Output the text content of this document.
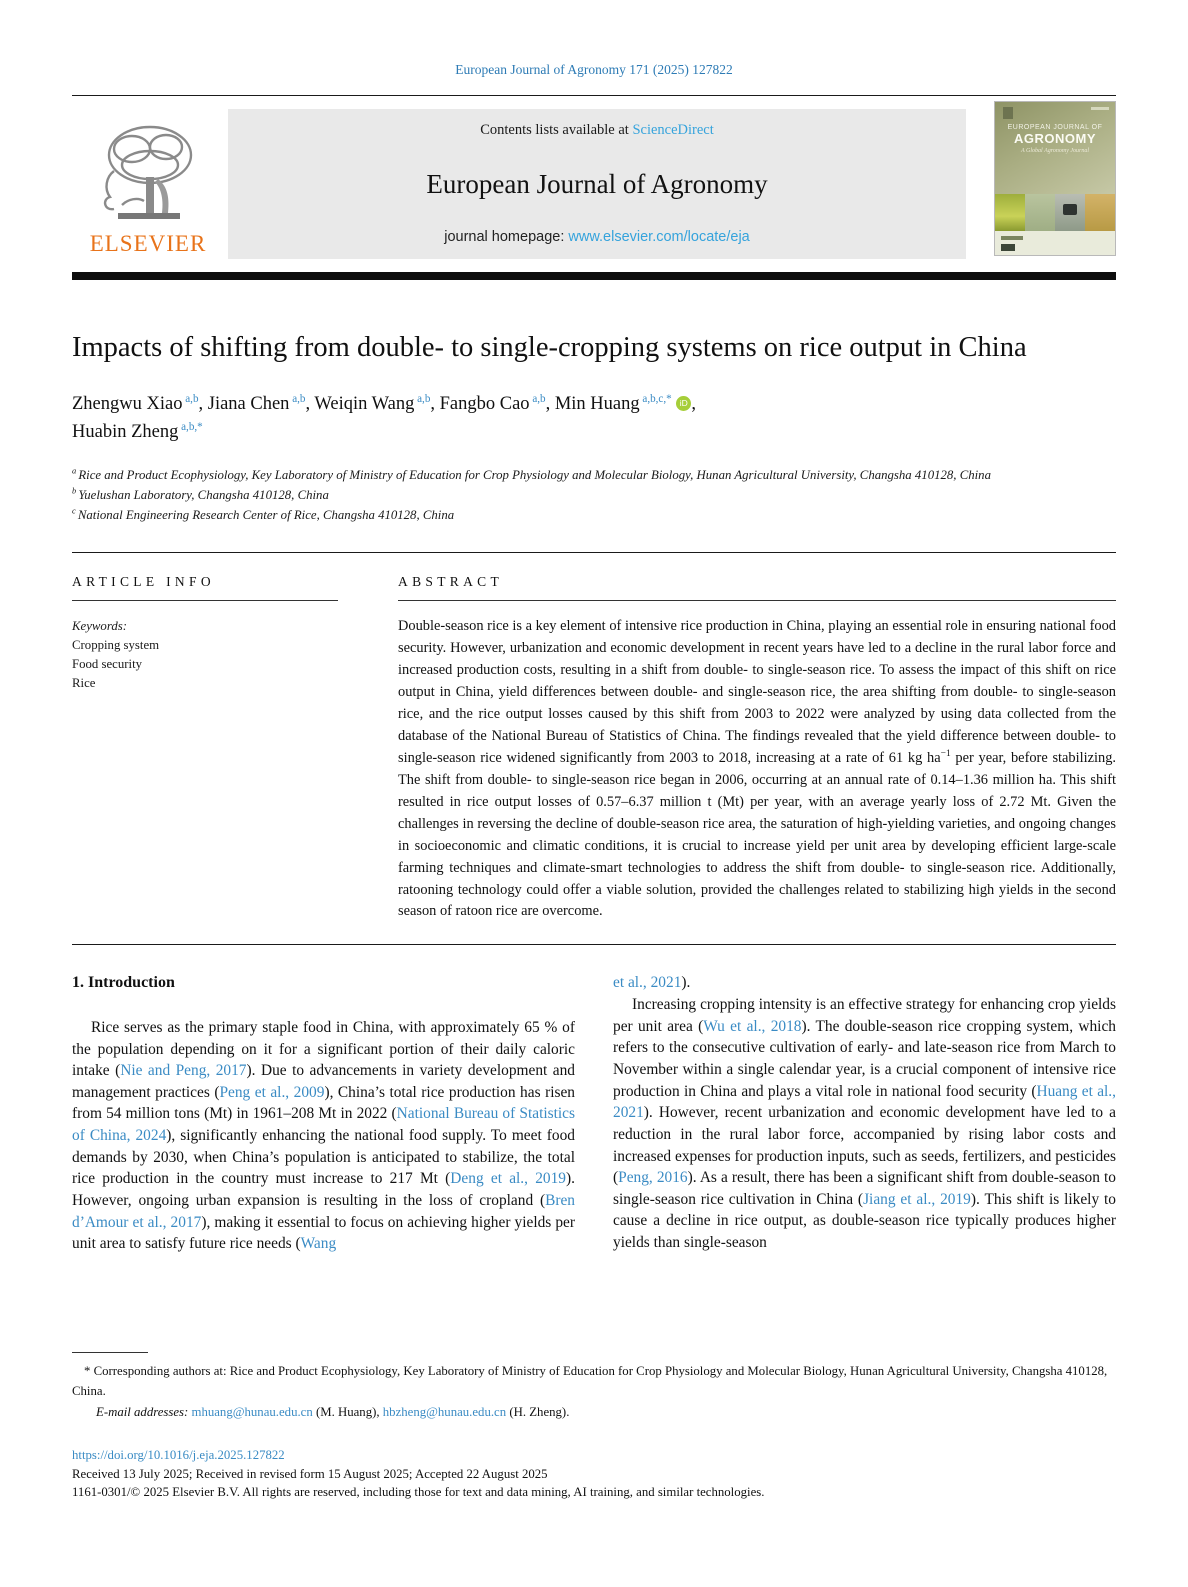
European Journal of Agronomy 171 (2025) 127822
ELSEVIER
Contents lists available at ScienceDirect
European Journal of Agronomy
journal homepage: www.elsevier.com/locate/eja
EUROPEAN JOURNAL OF
AGRONOMY
A Global Agronomy Journal
Impacts of shifting from double- to single-cropping systems on rice output in China
Zhengwu Xiao $^{a,b}$, Jiana Chen $^{a,b}$, Weiqin Wang $^{a,b}$, Fangbo Cao $^{a,b}$, Min Huang $^{a,b,c,*}$ iD ,
Huabin Zheng $^{a,b,*}$
$^a$ Rice and Product Ecophysiology, Key Laboratory of Ministry of Education for Crop Physiology and Molecular Biology, Hunan Agricultural University, Changsha 410128, China
$^b$ Yuelushan Laboratory, Changsha 410128, China
$^c$ National Engineering Research Center of Rice, Changsha 410128, China
ARTICLE INFO
Keywords:
Cropping system
Food security
Rice
ABSTRACT
Double-season rice is a key element of intensive rice production in China, playing an essential role in ensuring national food security. However, urbanization and economic development in recent years have led to a decline in the rural labor force and increased production costs, resulting in a shift from double- to single-season rice. To assess the impact of this shift on rice output in China, yield differences between double- and single-season rice, the area shifting from double- to single-season rice, and the rice output losses caused by this shift from 2003 to 2022 were analyzed by using data collected from the database of the National Bureau of Statistics of China. The findings revealed that the yield difference between double- to single-season rice widened significantly from 2003 to 2018, increasing at a rate of 61 kg $ha^{-1}$ per year, before stabilizing. The shift from double- to single-season rice began in 2006, occurring at an annual rate of 0.14–1.36 million ha. This shift resulted in rice output losses of 0.57–6.37 million t (Mt) per year, with an average yearly loss of 2.72 Mt. Given the challenges in reversing the decline of double-season rice area, the saturation of high-yielding varieties, and ongoing changes in socioeconomic and climatic conditions, it is crucial to increase yield per unit area by developing efficient large-scale farming techniques and climate-smart technologies to address the shift from double- to single-season rice. Additionally, ratooning technology could offer a viable solution, provided the challenges related to stabilizing high yields in the second season of ratoon rice are overcome.
1. Introduction

Rice serves as the primary staple food in China, with approximately 65 % of the population depending on it for a significant portion of their daily caloric intake (Nie and Peng, 2017). Due to advancements in variety development and management practices (Peng et al., 2009), China’s total rice production has risen from 54 million tons (Mt) in 1961–208 Mt in 2022 (National Bureau of Statistics of China, 2024), significantly enhancing the national food supply. To meet food demands by 2030, when China’s population is anticipated to stabilize, the total rice production in the country must increase to 217 Mt (Deng et al., 2019). However, ongoing urban expansion is resulting in the loss of cropland (Bren d’Amour et al., 2017), making it essential to focus on achieving higher yields per unit area to satisfy future rice needs (Wang

et al., 2021).

Increasing cropping intensity is an effective strategy for enhancing crop yields per unit area (Wu et al., 2018). The double-season rice cropping system, which refers to the consecutive cultivation of early- and late-season rice from March to November within a single calendar year, is a crucial component of intensive rice production in China and plays a vital role in national food security (Huang et al., 2021). However, recent urbanization and economic development have led to a reduction in the rural labor force, accompanied by rising labor costs and increased expenses for production inputs, such as seeds, fertilizers, and pesticides (Peng, 2016). As a result, there has been a significant shift from double-season to single-season rice cultivation in China (Jiang et al., 2019). This shift is likely to cause a decline in rice output, as double-season rice typically produces higher yields than single-season

* Corresponding authors at: Rice and Product Ecophysiology, Key Laboratory of Ministry of Education for Crop Physiology and Molecular Biology, Hunan Agricultural University, Changsha 410128, China.
E-mail addresses: mhuang@hunau.edu.cn (M. Huang), hbzheng@hunau.edu.cn (H. Zheng).
https://doi.org/10.1016/j.eja.2025.127822
Received 13 July 2025; Received in revised form 15 August 2025; Accepted 22 August 2025
1161-0301/© 2025 Elsevier B.V. All rights are reserved, including those for text and data mining, AI training, and similar technologies.
